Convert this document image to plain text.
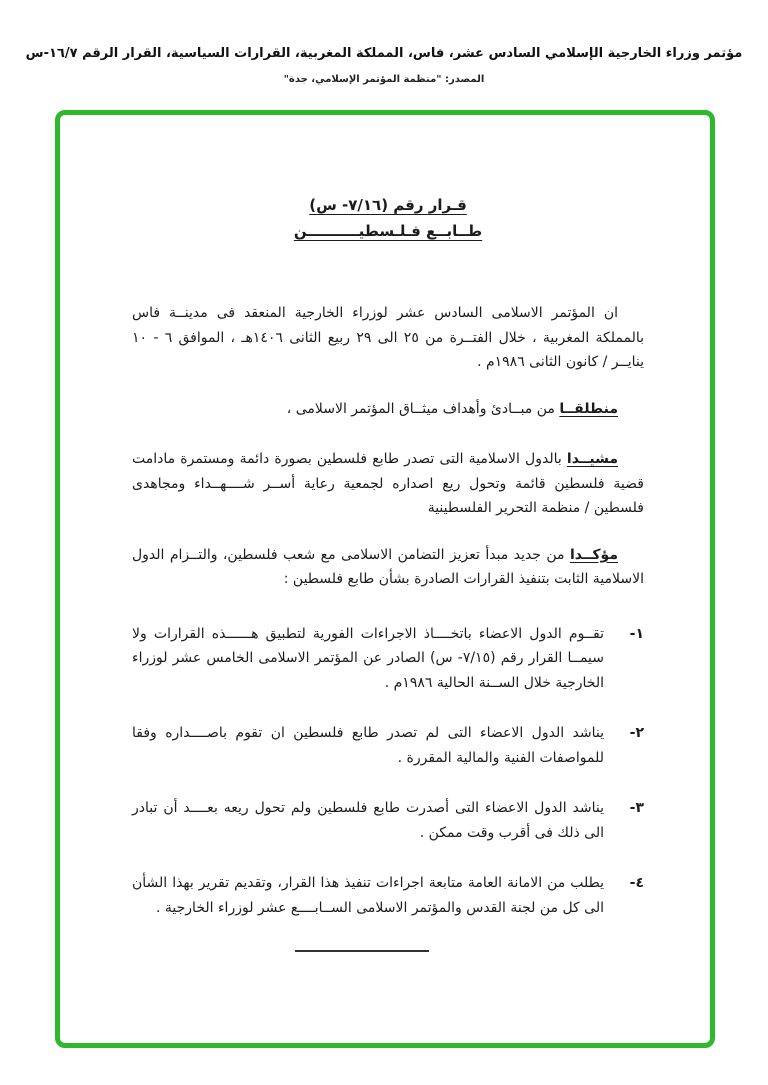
مؤتمر وزراء الخارجية الإسلامي السادس عشر، فاس، المملكة المغربية، القرارات السياسية، القرار الرقم ١٦/٧-س
المصدر: "منظمة المؤتمر الإسلامي، جدة"
قـرار رقم (٧/١٦- س)
طــابــع فـلـسطيــــــــــن

ان المؤتمر الاسلامى السادس عشر لوزراء الخارجية المنعقد فى مدينــة فاس بالمملكة المغربية ، خلال الفتــرة من ٢٥ الى ٢٩ ربيع الثانى ١٤٠٦هـ ، الموافق ٦ - ١٠ ينايــر / كانون الثانى ١٩٨٦م .

منطلقــا من مبــادئ وأهداف ميثــاق المؤتمر الاسلامى ،

مشيــدا بالدول الاسلامية التى تصدر طابع فلسطين بصورة دائمة ومستمرة مادامت قضية فلسطين قائمة وتحول ريع اصداره لجمعية رعاية أســر شــــهــداء ومجاهدى فلسطين / منظمة التحرير الفلسطينية

مؤكــدا من جديد مبدأ تعزيز التضامن الاسلامى مع شعب فلسطين، والتــزام الدول الاسلامية الثابت بتنفيذ القرارات الصادرة بشأن طابع فلسطين :

١-
تقــوم الدول الاعضاء باتخــــاذ الاجراءات الفورية لتطبيق هــــــذه القرارات ولا سيمــا القرار رقم (٧/١٥- س) الصادر عن المؤتمر الاسلامى الخامس عشر لوزراء الخارجية خلال الســنة الحالية ١٩٨٦م .
٢-
يناشد الدول الاعضاء التى لم تصدر طابع فلسطين ان تقوم باصــــداره وفقا للمواصفات الفنية والمالية المقررة .
٣-
يناشد الدول الاعضاء التى أصدرت طابع فلسطين ولم تحول ريعه بعــــد أن تبادر الى ذلك فى أقرب وقت ممكن .
٤-
يطلب من الامانة العامة متابعة اجراءات تنفيذ هذا القرار، وتقديم تقرير بهذا الشأن الى كل من لجنة القدس والمؤتمر الاسلامى الســابــــع عشر لوزراء الخارجية .
